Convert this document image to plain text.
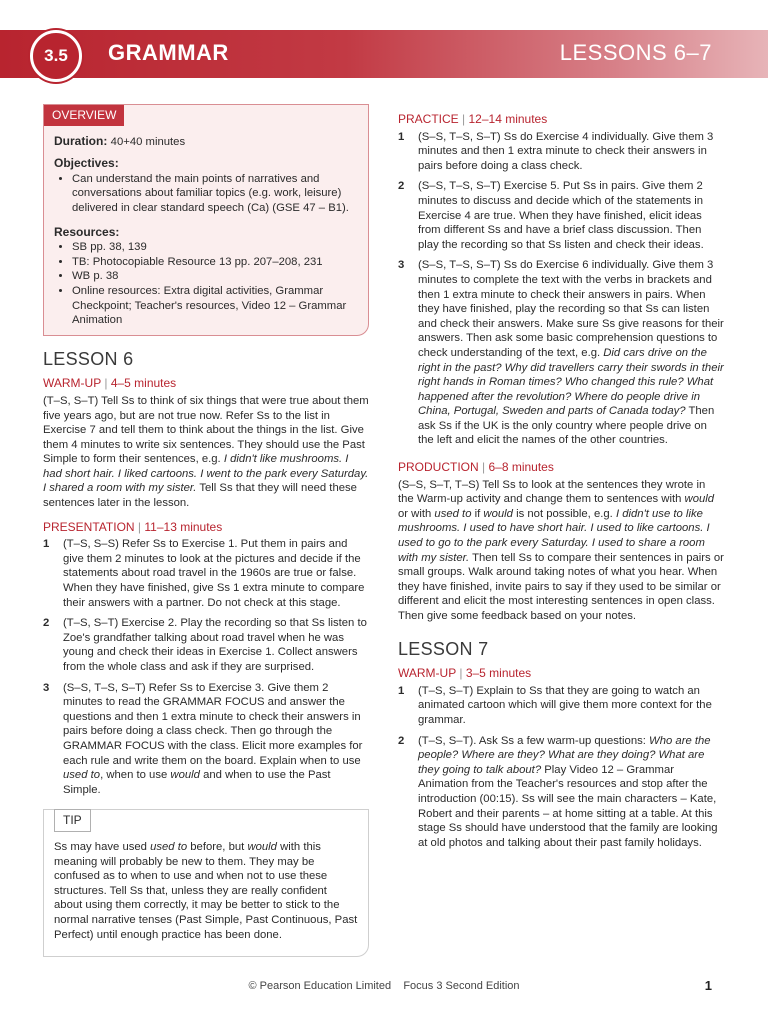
3.5	GRAMMAR	LESSONS 6–7
OVERVIEW
Duration: 40+40 minutes
Objectives:
• Can understand the main points of narratives and conversations about familiar topics (e.g. work, leisure) delivered in clear standard speech (Ca) (GSE 47 – B1).
Resources:
• SB pp. 38, 139
• TB: Photocopiable Resource 13 pp. 207–208, 231
• WB p. 38
• Online resources: Extra digital activities, Grammar Checkpoint; Teacher's resources, Video 12 – Grammar Animation
LESSON 6
WARM-UP | 4–5 minutes

(T–S, S–T) Tell Ss to think of six things that were true about them five years ago, but are not true now. Refer Ss to the list in Exercise 7 and tell them to think about the things in the list. Give them 4 minutes to write six sentences. They should use the Past Simple to form their sentences, e.g. I didn't like mushrooms. I had short hair. I liked cartoons. I went to the park every Saturday. I shared a room with my sister. Tell Ss that they will need these sentences later in the lesson.

PRESENTATION | 11–13 minutes
1	(T–S, S–S) Refer Ss to Exercise 1. Put them in pairs and give them 2 minutes to look at the pictures and decide if the statements about road travel in the 1960s are true or false. When they have finished, give Ss 1 extra minute to compare their answers with a partner. Do not check at this stage.
2	(T–S, S–T) Exercise 2. Play the recording so that Ss listen to Zoe's grandfather talking about road travel when he was young and check their ideas in Exercise 1. Collect answers from the whole class and ask if they are surprised.
3	(S–S, T–S, S–T) Refer Ss to Exercise 3. Give them 2 minutes to read the GRAMMAR FOCUS and answer the questions and then 1 extra minute to check their answers in pairs before doing a class check. Then go through the GRAMMAR FOCUS with the class. Elicit more examples for each rule and write them on the board. Explain when to use used to, when to use would and when to use the Past Simple.
TIP

Ss may have used used to before, but would with this meaning will probably be new to them. They may be confused as to when to use and when not to use these structures. Tell Ss that, unless they are really confident about using them correctly, it may be better to stick to the normal narrative tenses (Past Simple, Past Continuous, Past Perfect) until enough practice has been done.

PRACTICE | 12–14 minutes
1	(S–S, T–S, S–T) Ss do Exercise 4 individually. Give them 3 minutes and then 1 extra minute to check their answers in pairs before doing a class check.
2	(S–S, T–S, S–T) Exercise 5. Put Ss in pairs. Give them 2 minutes to discuss and decide which of the statements in Exercise 4 are true. When they have finished, elicit ideas from different Ss and have a brief class discussion. Then play the recording so that Ss listen and check their ideas.
3	(S–S, T–S, S–T) Ss do Exercise 6 individually. Give them 3 minutes to complete the text with the verbs in brackets and then 1 extra minute to check their answers in pairs. When they have finished, play the recording so that Ss can listen and check their answers. Make sure Ss give reasons for their answers. Then ask some basic comprehension questions to check understanding of the text, e.g. Did cars drive on the right in the past? Why did travellers carry their swords in their right hands in Roman times? Who changed this rule? What happened after the revolution? Where do people drive in China, Portugal, Sweden and parts of Canada today? Then ask Ss if the UK is the only country where people drive on the left and elicit the names of the other countries.
PRODUCTION | 6–8 minutes

(S–S, S–T, T–S) Tell Ss to look at the sentences they wrote in the Warm-up activity and change them to sentences with would or with used to if would is not possible, e.g. I didn't use to like mushrooms. I used to have short hair. I used to like cartoons. I used to go to the park every Saturday. I used to share a room with my sister. Then tell Ss to compare their sentences in pairs or small groups. Walk around taking notes of what you hear. When they have finished, invite pairs to say if they used to be similar or different and elicit the most interesting sentences in open class. Then give some feedback based on your notes.

LESSON 7
WARM-UP | 3–5 minutes
1	(T–S, S–T) Explain to Ss that they are going to watch an animated cartoon which will give them more context for the grammar.
2	(T–S, S–T). Ask Ss a few warm-up questions: Who are the people? Where are they? What are they doing? What are they going to talk about? Play Video 12 – Grammar Animation from the Teacher's resources and stop after the introduction (00:15). Ss will see the main characters – Kate, Robert and their parents – at home sitting at a table. At this stage Ss should have understood that the family are looking at old photos and talking about their past family holidays.
© Pearson Education Limited    Focus 3 Second Edition	1
